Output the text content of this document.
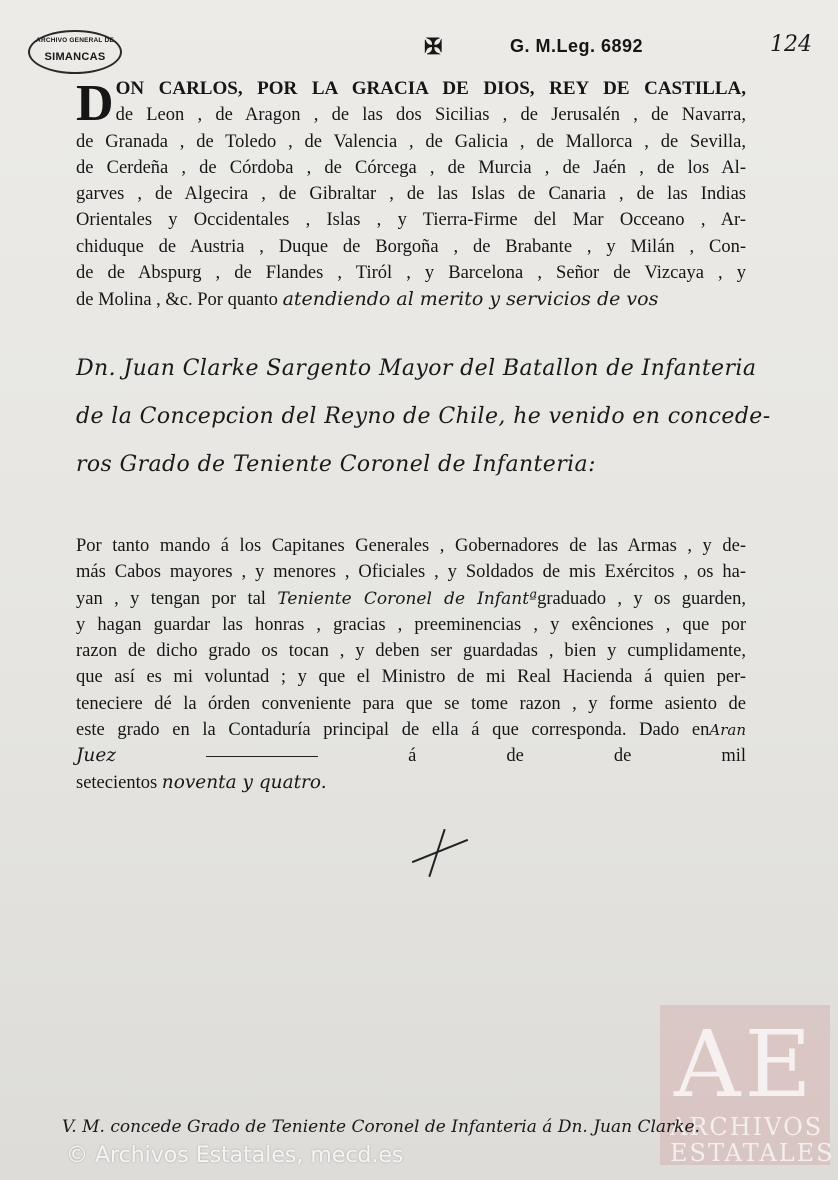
ARCHIVO GENERAL DE
SIMANCAS	✠	G. M.Leg. 6892	124
D ON CARLOS, POR LA GRACIA DE DIOS, REY DE CASTILLA,
de Leon , de Aragon , de las dos Sicilias , de Jerusalén , de Navarra,
de Granada , de Toledo , de Valencia , de Galicia , de Mallorca , de Sevilla,
de Cerdeña , de Córdoba , de Córcega , de Murcia , de Jaén , de los Al-
garves , de Algecira , de Gibraltar , de las Islas de Canaria , de las Indias
Orientales y Occidentales , Islas , y Tierra-Firme del Mar Occeano , Ar-
chiduque de Austria , Duque de Borgoña , de Brabante , y Milán , Con-
de de Abspurg , de Flandes , Tiról , y Barcelona , Señor de Vizcaya , y
de Molina , &c. Por quanto atendiendo al merito y servicios de vos
Dn. Juan Clarke Sargento Mayor del Batallon de Infanteria
de la Concepcion del Reyno de Chile, he venido en concede-
ros Grado de Teniente Coronel de Infanteria:
Por tanto mando á los Capitanes Generales , Gobernadores de las Armas , y de-
más Cabos mayores , y menores , Oficiales , y Soldados de mis Exércitos , os ha-
yan , y tengan por tal Teniente Coronel de Infantªgraduado , y os guarden,
y hagan guardar las honras , gracias , preeminencias , y exênciones , que por
razon de dicho grado os tocan , y deben ser guardadas , bien y cumplidamente,
que así es mi voluntad ; y que el Ministro de mi Real Hacienda á quien per-
teneciere dé la órden conveniente para que se tome razon , y forme asiento de
este grado en la Contaduría principal de ella á que corresponda. Dado enAran
Juez	á	de	de mil
setecientos noventa y quatro.
AE
ARCHIVOS
ESTATALES
V. M. concede Grado de Teniente Coronel de Infanteria á Dn. Juan Clarke.
© Archivos Estatales, mecd.es
